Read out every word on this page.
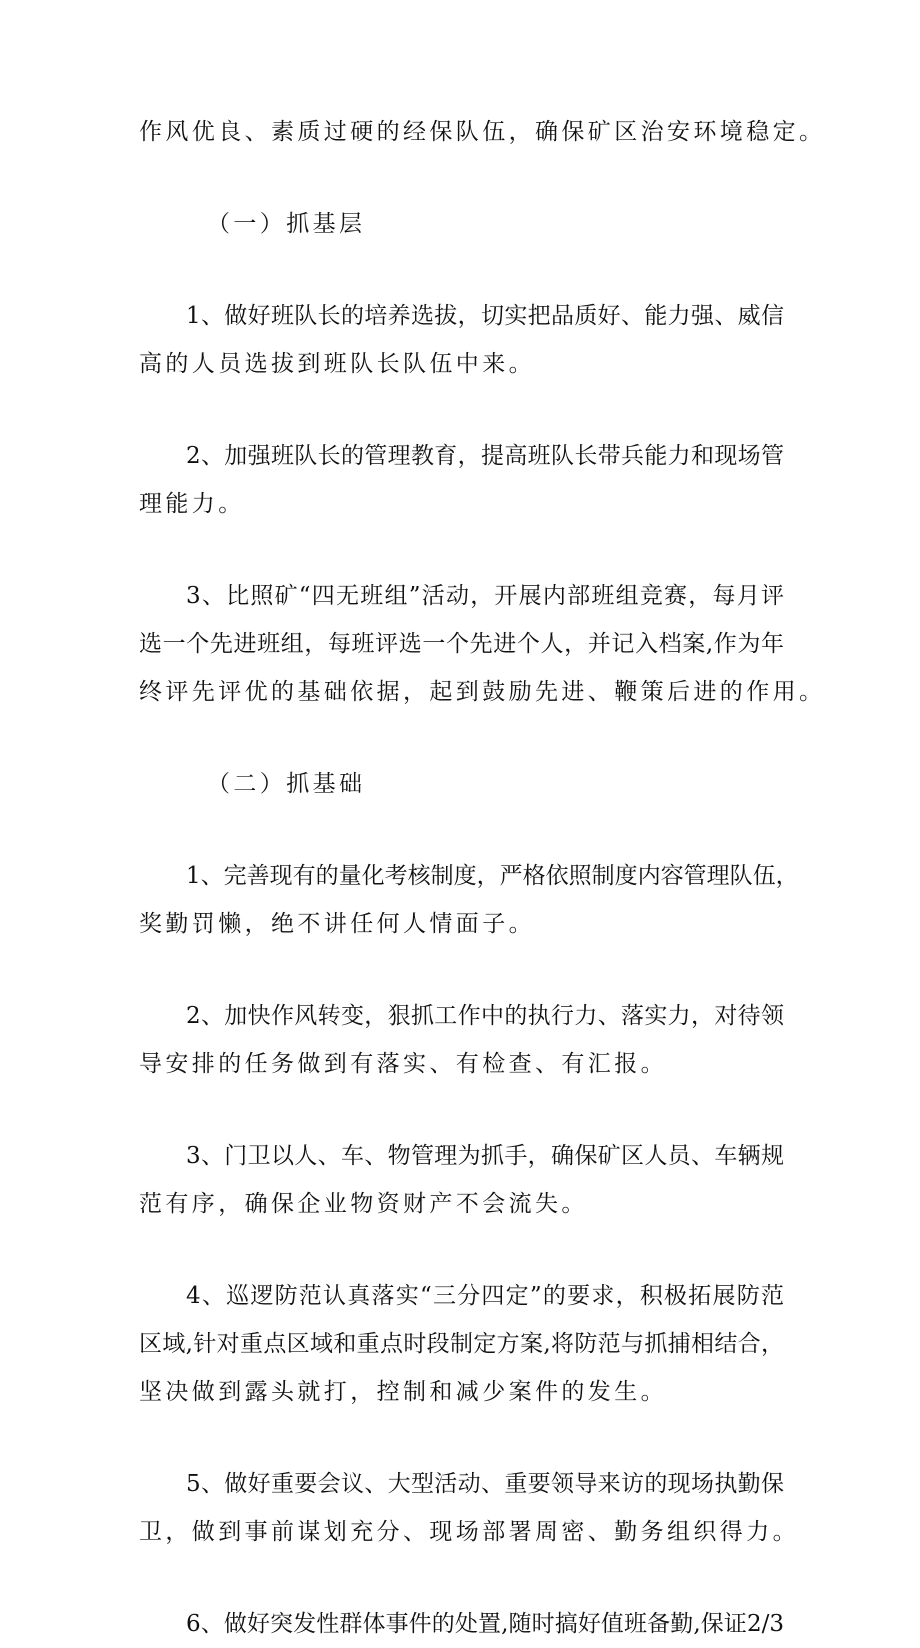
作风优良、素质过硬的经保队伍，确保矿区治安环境稳定。
（一）抓基层
1、做好班队长的培养选拔，切实把品质好、能力强、威信
高的人员选拔到班队长队伍中来。
2、加强班队长的管理教育，提高班队长带兵能力和现场管
理能力。
3、比照矿“四无班组”活动，开展内部班组竞赛，每月评
选一个先进班组，每班评选一个先进个人，并记入档案,作为年
终评先评优的基础依据，起到鼓励先进、鞭策后进的作用。
（二）抓基础
1、完善现有的量化考核制度，严格依照制度内容管理队伍，
奖勤罚懒，绝不讲任何人情面子。
2、加快作风转变，狠抓工作中的执行力、落实力，对待领
导安排的任务做到有落实、有检查、有汇报。
3、门卫以人、车、物管理为抓手，确保矿区人员、车辆规
范有序，确保企业物资财产不会流失。
4、巡逻防范认真落实“三分四定”的要求，积极拓展防范
区域,针对重点区域和重点时段制定方案,将防范与抓捕相结合，
坚决做到露头就打，控制和减少案件的发生。
5、做好重要会议、大型活动、重要领导来访的现场执勤保
卫，做到事前谋划充分、现场部署周密、勤务组织得力。
6、做好突发性群体事件的处置,随时搞好值班备勤,保证2/3
